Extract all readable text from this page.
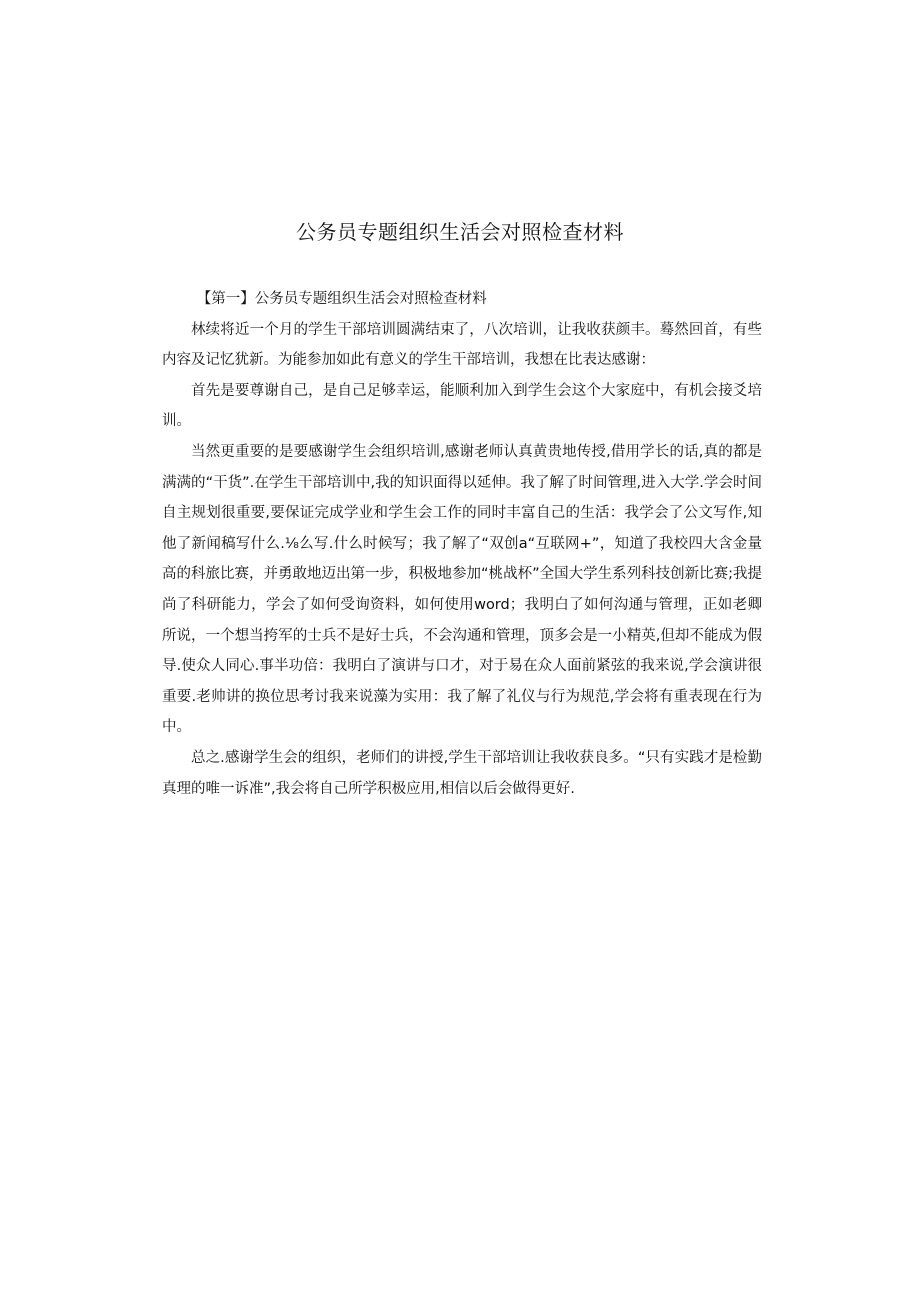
公务员专题组织生活会对照检查材料

【第一】公务员专题组织生活会对照检查材料

林续将近一个月的学生干部培训圆满结束了，八次培训，让我收获颜丰。蓦然回首，有些内容及记忆犹新。为能参加如此有意义的学生干部培训，我想在比表达感谢：

首先是要尊谢自己，是自己足够幸运，能顺利加入到学生会这个大家庭中，有机会接爻培训。

当然更重要的是要感谢学生会组织培训,感谢老师认真黄贵地传授,借用学长的话,真的都是满满的“干货”.在学生干部培训中,我的知识面得以延伸。我了解了时间管理,进入大学.学会时间自主规划很重要,要保证完成学业和学生会工作的同时丰富自己的生活：我学会了公文写作,知他了新闻稿写什么.⅛么写.什么时候写；我了解了“双创a“互联网+”，知道了我校四大含金量高的科旅比赛，并勇敢地迈出第一步，积极地参加“桃战杯”全国大学生系列科技创新比赛;我提尚了科研能力，学会了如何受询资料，如何使用word；我明白了如何沟通与管理，正如老卿所说，一个想当挎军的士兵不是好士兵，不会沟通和管理，顶多会是一小精英,但却不能成为假导.使众人同心.事半功倍：我明白了演讲与口才，对于易在众人面前紧弦的我来说,学会演讲很重要.老帅讲的换位思考讨我来说藻为实用：我了解了礼仪与行为规范,学会将有重表现在行为中。

总之.感谢学生会的组织，老师们的讲授,学生干部培训让我收获良多。“只有实践才是检勤真理的唯一诉准”,我会将自己所学积极应用,相信以后会做得更好.
